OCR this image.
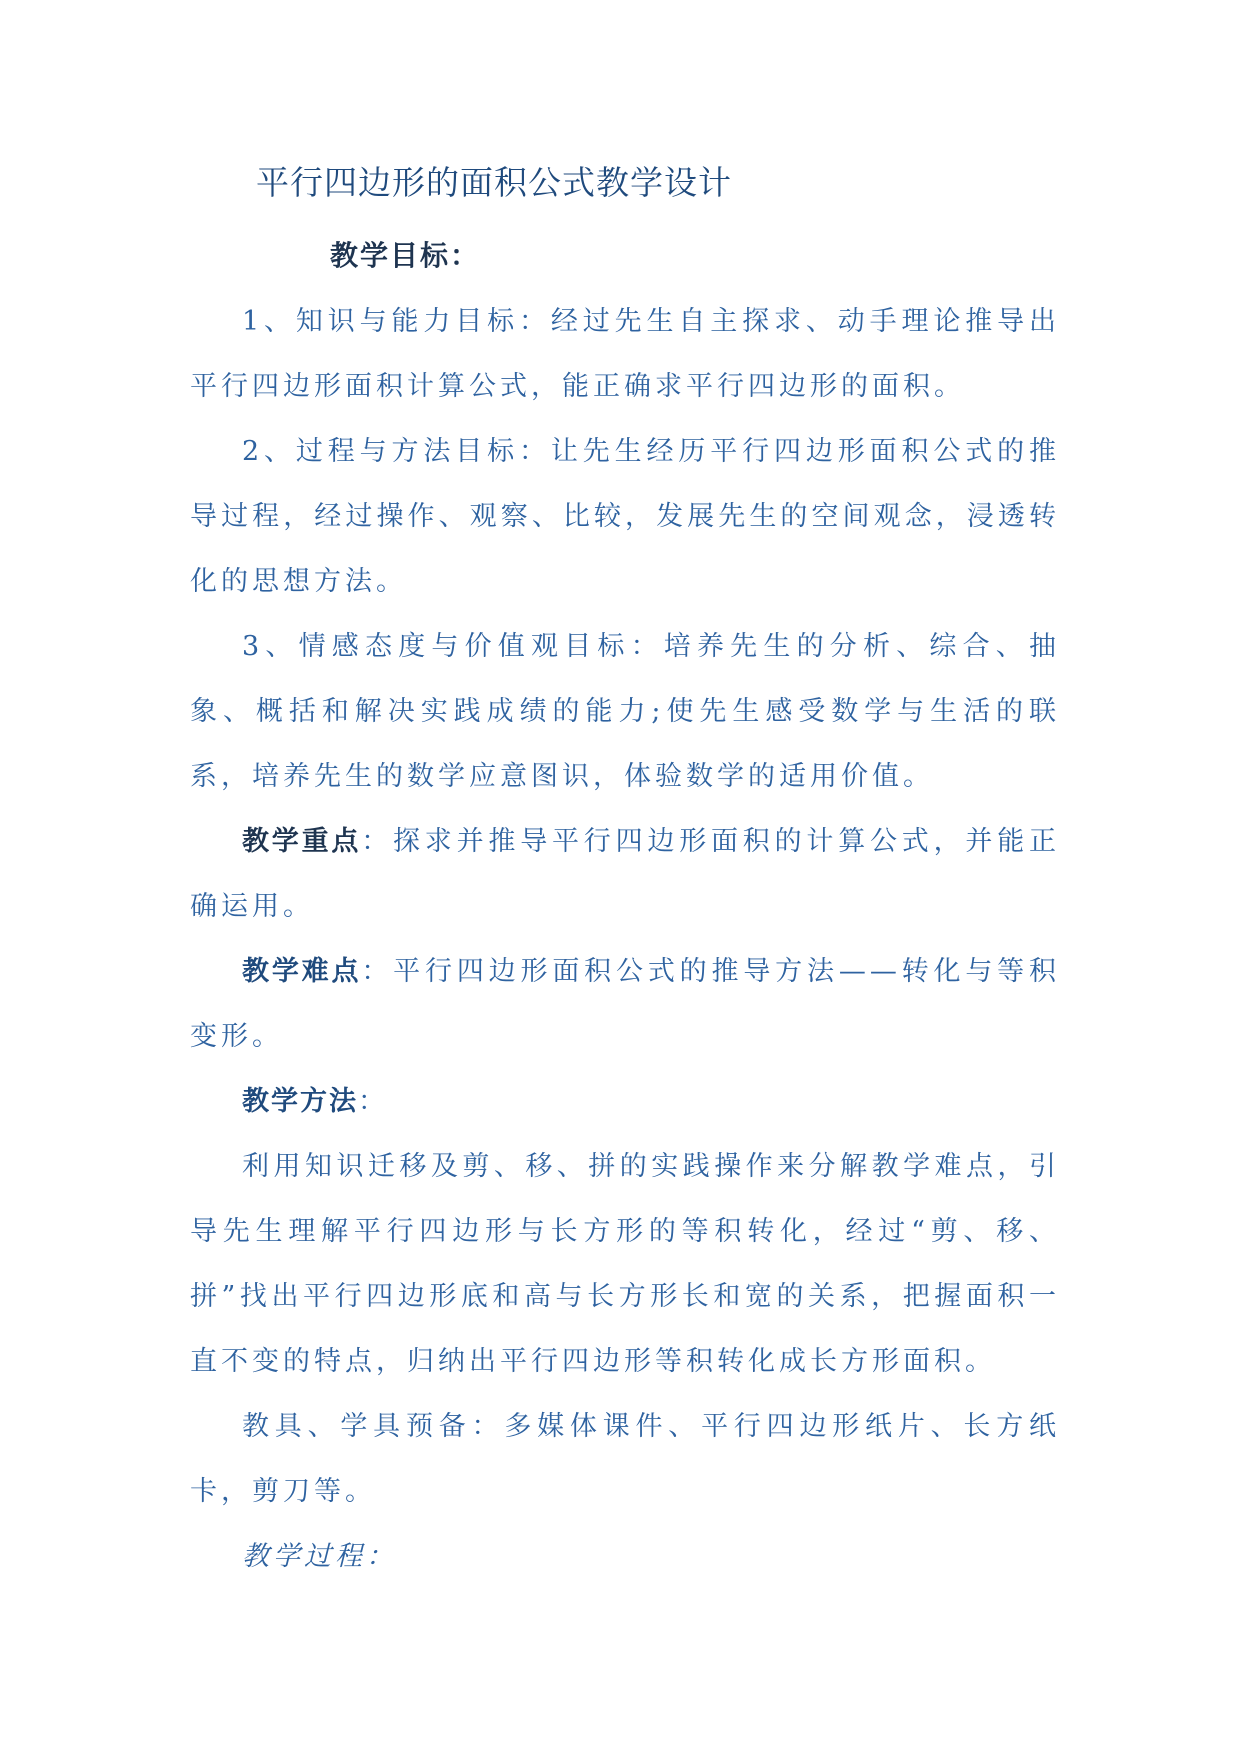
平行四边形的面积公式教学设计
教学目标：

1、知识与能力目标：经过先生自主探求、动手理论推导出平行四边形面积计算公式，能正确求平行四边形的面积。

2、过程与方法目标：让先生经历平行四边形面积公式的推导过程，经过操作、观察、比较，发展先生的空间观念，浸透转化的思想方法。

3、情感态度与价值观目标：培养先生的分析、综合、抽象、概括和解决实践成绩的能力;使先生感受数学与生活的联系，培养先生的数学应意图识，体验数学的适用价值。

教学重点：探求并推导平行四边形面积的计算公式，并能正确运用。

教学难点：平行四边形面积公式的推导方法——转化与等积变形。

教学方法：

利用知识迁移及剪、移、拼的实践操作来分解教学难点，引导先生理解平行四边形与长方形的等积转化，经过“剪、移、拼”找出平行四边形底和高与长方形长和宽的关系，把握面积一直不变的特点，归纳出平行四边形等积转化成长方形面积。

教具、学具预备：多媒体课件、平行四边形纸片、长方纸卡，剪刀等。

教学过程：
